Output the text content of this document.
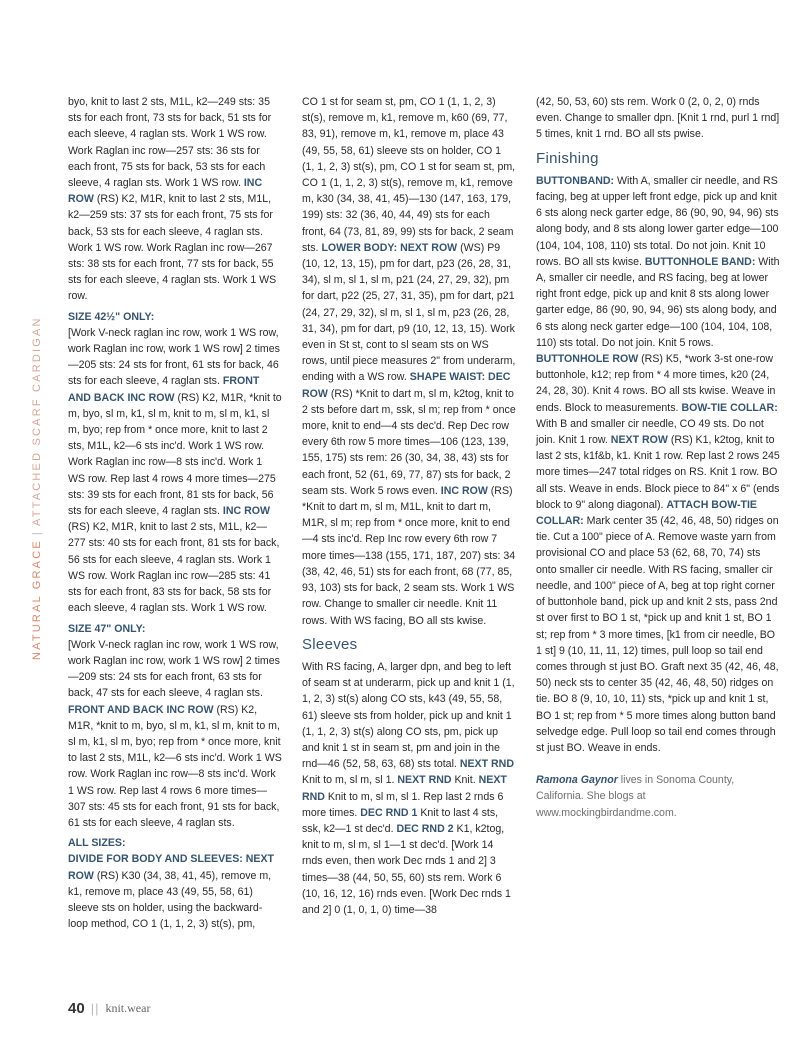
NATURAL GRACE|ATTACHED SCARF CARDIGAN

byo, knit to last 2 sts, M1L, k2—249 sts: 35 sts for each front, 73 sts for back, 51 sts for each sleeve, 4 raglan sts. Work 1 WS row. Work Raglan inc row—257 sts: 36 sts for each front, 75 sts for back, 53 sts for each sleeve, 4 raglan sts. Work 1 WS row. INC ROW (RS) K2, M1R, knit to last 2 sts, M1L, k2—259 sts: 37 sts for each front, 75 sts for back, 53 sts for each sleeve, 4 raglan sts. Work 1 WS row. Work Raglan inc row—267 sts: 38 sts for each front, 77 sts for back, 55 sts for each sleeve, 4 raglan sts. Work 1 WS row.

SIZE 42½" ONLY:

[Work V-neck raglan inc row, work 1 WS row, work Raglan inc row, work 1 WS row] 2 times—205 sts: 24 sts for front, 61 sts for back, 46 sts for each sleeve, 4 raglan sts. FRONT AND BACK INC ROW (RS) K2, M1R, *knit to m, byo, sl m, k1, sl m, knit to m, sl m, k1, sl m, byo; rep from * once more, knit to last 2 sts, M1L, k2—6 sts inc'd. Work 1 WS row. Work Raglan inc row—8 sts inc'd. Work 1 WS row. Rep last 4 rows 4 more times—275 sts: 39 sts for each front, 81 sts for back, 56 sts for each sleeve, 4 raglan sts. INC ROW (RS) K2, M1R, knit to last 2 sts, M1L, k2—277 sts: 40 sts for each front, 81 sts for back, 56 sts for each sleeve, 4 raglan sts. Work 1 WS row. Work Raglan inc row—285 sts: 41 sts for each front, 83 sts for back, 58 sts for each sleeve, 4 raglan sts. Work 1 WS row.

SIZE 47" ONLY:

[Work V-neck raglan inc row, work 1 WS row, work Raglan inc row, work 1 WS row] 2 times—209 sts: 24 sts for each front, 63 sts for back, 47 sts for each sleeve, 4 raglan sts. FRONT AND BACK INC ROW (RS) K2, M1R, *knit to m, byo, sl m, k1, sl m, knit to m, sl m, k1, sl m, byo; rep from * once more, knit to last 2 sts, M1L, k2—6 sts inc'd. Work 1 WS row. Work Raglan inc row—8 sts inc'd. Work 1 WS row. Rep last 4 rows 6 more times—307 sts: 45 sts for each front, 91 sts for back, 61 sts for each sleeve, 4 raglan sts.

ALL SIZES:

DIVIDE FOR BODY AND SLEEVES: NEXT ROW (RS) K30 (34, 38, 41, 45), remove m, k1, remove m, place 43 (49, 55, 58, 61) sleeve sts on holder, using the backward-loop method, CO 1 (1, 1, 2, 3) st(s), pm,

CO 1 st for seam st, pm, CO 1 (1, 1, 2, 3) st(s), remove m, k1, remove m, k60 (69, 77, 83, 91), remove m, k1, remove m, place 43 (49, 55, 58, 61) sleeve sts on holder, CO 1 (1, 1, 2, 3) st(s), pm, CO 1 st for seam st, pm, CO 1 (1, 1, 2, 3) st(s), remove m, k1, remove m, k30 (34, 38, 41, 45)—130 (147, 163, 179, 199) sts: 32 (36, 40, 44, 49) sts for each front, 64 (73, 81, 89, 99) sts for back, 2 seam sts. LOWER BODY: NEXT ROW (WS) P9 (10, 12, 13, 15), pm for dart, p23 (26, 28, 31, 34), sl m, sl 1, sl m, p21 (24, 27, 29, 32), pm for dart, p22 (25, 27, 31, 35), pm for dart, p21 (24, 27, 29, 32), sl m, sl 1, sl m, p23 (26, 28, 31, 34), pm for dart, p9 (10, 12, 13, 15). Work even in St st, cont to sl seam sts on WS rows, until piece measures 2" from underarm, ending with a WS row. SHAPE WAIST: DEC ROW (RS) *Knit to dart m, sl m, k2tog, knit to 2 sts before dart m, ssk, sl m; rep from * once more, knit to end—4 sts dec'd. Rep Dec row every 6th row 5 more times—106 (123, 139, 155, 175) sts rem: 26 (30, 34, 38, 43) sts for each front, 52 (61, 69, 77, 87) sts for back, 2 seam sts. Work 5 rows even. INC ROW (RS) *Knit to dart m, sl m, M1L, knit to dart m, M1R, sl m; rep from * once more, knit to end—4 sts inc'd. Rep Inc row every 6th row 7 more times—138 (155, 171, 187, 207) sts: 34 (38, 42, 46, 51) sts for each front, 68 (77, 85, 93, 103) sts for back, 2 seam sts. Work 1 WS row. Change to smaller cir needle. Knit 11 rows. With WS facing, BO all sts kwise.

Sleeves

With RS facing, A, larger dpn, and beg to left of seam st at underarm, pick up and knit 1 (1, 1, 2, 3) st(s) along CO sts, k43 (49, 55, 58, 61) sleeve sts from holder, pick up and knit 1 (1, 1, 2, 3) st(s) along CO sts, pm, pick up and knit 1 st in seam st, pm and join in the rnd—46 (52, 58, 63, 68) sts total. NEXT RND Knit to m, sl m, sl 1. NEXT RND Knit. NEXT RND Knit to m, sl m, sl 1. Rep last 2 rnds 6 more times. DEC RND 1 Knit to last 4 sts, ssk, k2—1 st dec'd. DEC RND 2 K1, k2tog, knit to m, sl m, sl 1—1 st dec'd. [Work 14 rnds even, then work Dec rnds 1 and 2] 3 times—38 (44, 50, 55, 60) sts rem. Work 6 (10, 16, 12, 16) rnds even. [Work Dec rnds 1 and 2] 0 (1, 0, 1, 0) time—38

(42, 50, 53, 60) sts rem. Work 0 (2, 0, 2, 0) rnds even. Change to smaller dpn. [Knit 1 rnd, purl 1 rnd] 5 times, knit 1 rnd. BO all sts pwise.

Finishing

BUTTONBAND: With A, smaller cir needle, and RS facing, beg at upper left front edge, pick up and knit 6 sts along neck garter edge, 86 (90, 90, 94, 96) sts along body, and 8 sts along lower garter edge—100 (104, 104, 108, 110) sts total. Do not join. Knit 10 rows. BO all sts kwise. BUTTONHOLE BAND: With A, smaller cir needle, and RS facing, beg at lower right front edge, pick up and knit 8 sts along lower garter edge, 86 (90, 90, 94, 96) sts along body, and 6 sts along neck garter edge—100 (104, 104, 108, 110) sts total. Do not join. Knit 5 rows. BUTTONHOLE ROW (RS) K5, *work 3-st one-row buttonhole, k12; rep from * 4 more times, k20 (24, 24, 28, 30). Knit 4 rows. BO all sts kwise. Weave in ends. Block to measurements. BOW-TIE COLLAR: With B and smaller cir needle, CO 49 sts. Do not join. Knit 1 row. NEXT ROW (RS) K1, k2tog, knit to last 2 sts, k1f&b, k1. Knit 1 row. Rep last 2 rows 245 more times—247 total ridges on RS. Knit 1 row. BO all sts. Weave in ends. Block piece to 84" x 6" (ends block to 9" along diagonal). ATTACH BOW-TIE COLLAR: Mark center 35 (42, 46, 48, 50) ridges on tie. Cut a 100" piece of A. Remove waste yarn from provisional CO and place 53 (62, 68, 70, 74) sts onto smaller cir needle. With RS facing, smaller cir needle, and 100" piece of A, beg at top right corner of buttonhole band, pick up and knit 2 sts, pass 2nd st over first to BO 1 st, *pick up and knit 1 st, BO 1 st; rep from * 3 more times, [k1 from cir needle, BO 1 st] 9 (10, 11, 11, 12) times, pull loop so tail end comes through st just BO. Graft next 35 (42, 46, 48, 50) neck sts to center 35 (42, 46, 48, 50) ridges on tie. BO 8 (9, 10, 10, 11) sts, *pick up and knit 1 st, BO 1 st; rep from * 5 more times along button band selvedge edge. Pull loop so tail end comes through st just BO. Weave in ends.

Ramona Gaynor lives in Sonoma County, California. She blogs at www.mockingbirdandme.com.

40 || knit.wear
